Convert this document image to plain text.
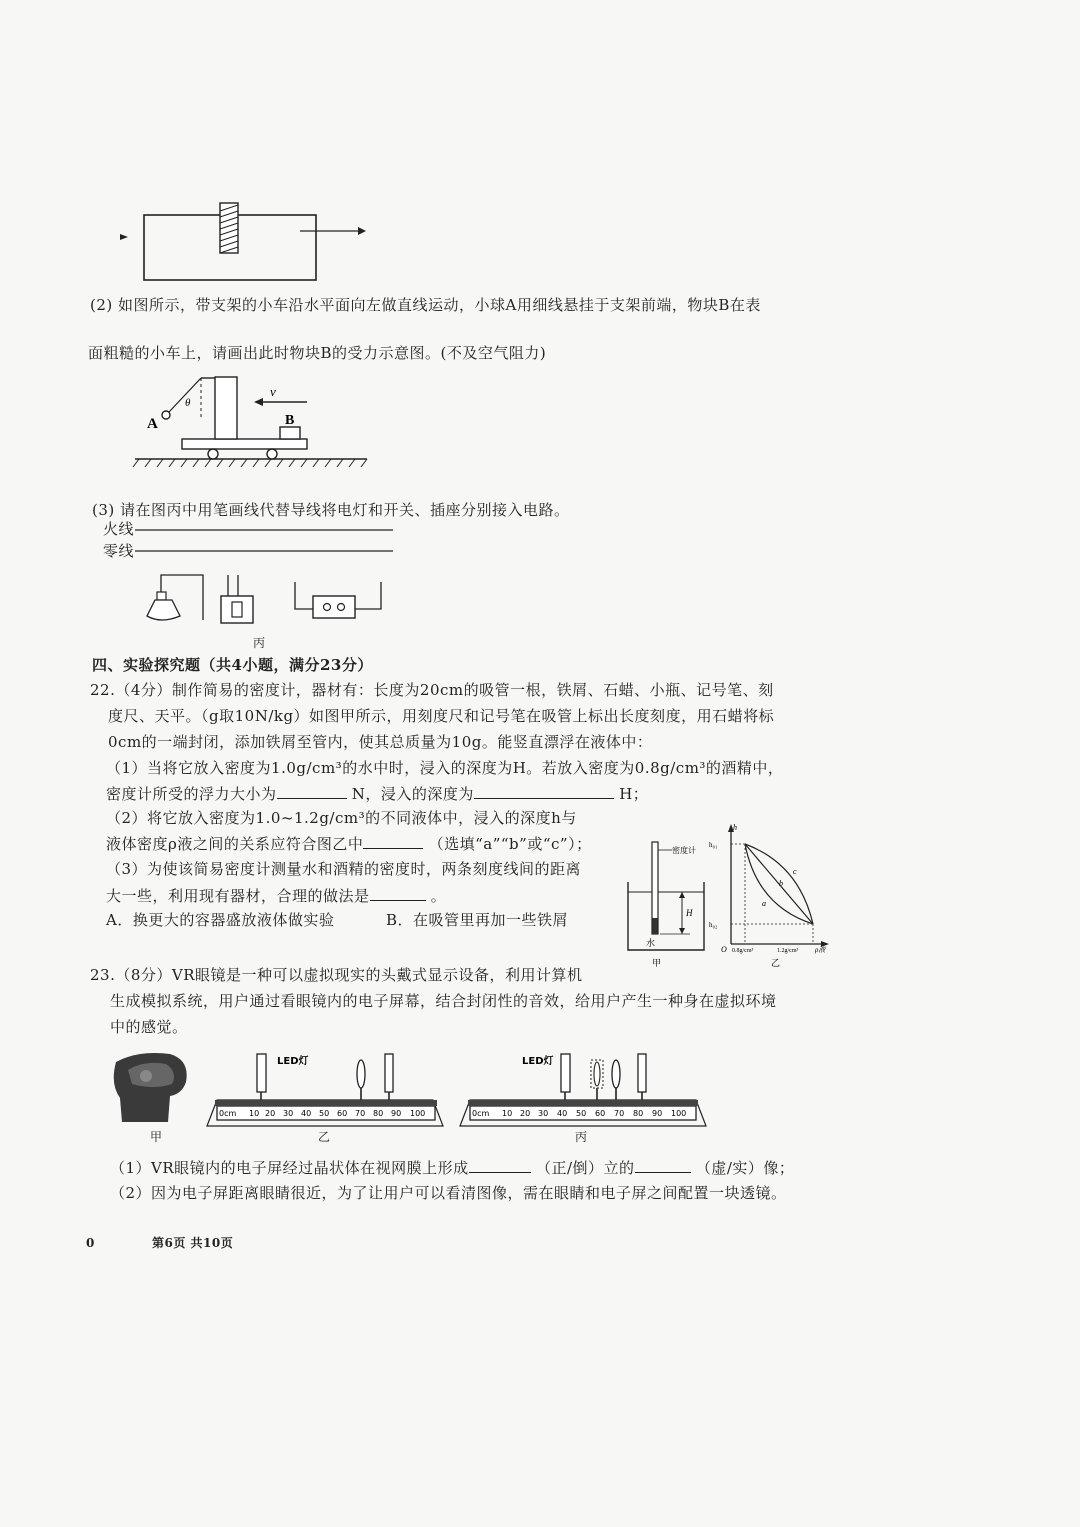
(2) 如图所示，带支架的小车沿水平面向左做直线运动，小球A用细线悬挂于支架前端，物块B在表
面粗糙的小车上，请画出此时物块B的受力示意图。(不及空气阻力)
A	B
θ
v
(3) 请在图丙中用笔画线代替导线将电灯和开关、插座分别接入电路。
火线
零线
丙
四、实验探究题（共4小题，满分23分）
22.（4分）制作简易的密度计，器材有：长度为20cm的吸管一根，铁屑、石蜡、小瓶、记号笔、刻
度尺、天平。（g取10N/kg）如图甲所示，用刻度尺和记号笔在吸管上标出长度刻度，用石蜡将标
0cm的一端封闭，添加铁屑至管内，使其总质量为10g。能竖直漂浮在液体中：
（1）当将它放入密度为1.0g/cm³的水中时，浸入的深度为H。若放入密度为0.8g/cm³的酒精中，
密度计所受的浮力大小为	N，浸入的深度为	H；
（2）将它放入密度为1.0~1.2g/cm³的不同液体中，浸入的深度h与
液体密度ρ液之间的关系应符合图乙中	（选填“a”“b”或“c”）；
（3）为使该简易密度计测量水和酒精的密度时，两条刻度线间的距离
大一些，利用现有器材，合理的做法是	。
A．换更大的容器盛放液体做实验	B．在吸管里再加一些铁屑
密度计
H
水
甲
h
h₀₁
h₀₂
O 0.8g/cm³	1.2g/cm³ ρ液
c
b
a
乙
23.（8分）VR眼镜是一种可以虚拟现实的头戴式显示设备，利用计算机
生成模拟系统，用户通过看眼镜内的电子屏幕，结合封闭性的音效，给用户产生一种身在虚拟环境
中的感觉。
甲
0cm 10 20 30 40 50 60 70 80 90 100
LED灯
乙
0cm 10 20 30 40 50 60 70 80 90 100
LED灯
丙
（1）VR眼镜内的电子屏经过晶状体在视网膜上形成	（正/倒）立的	（虚/实）像；
（2）因为电子屏距离眼睛很近，为了让用户可以看清图像，需在眼睛和电子屏之间配置一块透镜。
0	第6页 共10页
